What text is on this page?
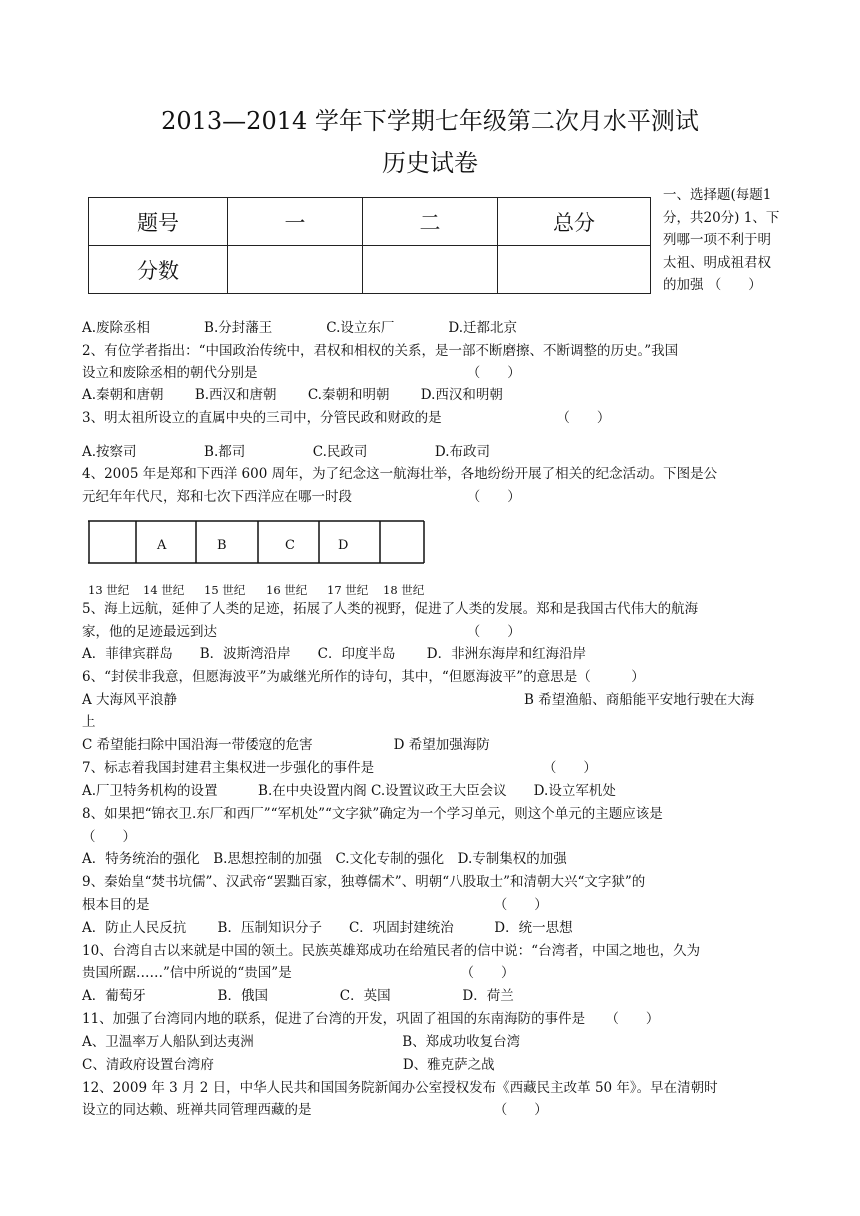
2013—2014 学年下学期七年级第二次月水平测试
历史试卷
题号	一	二	总分
分数			
一、选择题(每题1分，共20分) 1、下列哪一项不利于明太祖、明成祖君权的加强 （　　）
A.废除丞相　　　　B.分封藩王　　　　C.设立东厂　　　　D.迁都北京
2、有位学者指出：“中国政治传统中，君权和相权的关系，是一部不断磨擦、不断调整的历史。”我国
设立和废除丞相的朝代分别是　　　　　　　　　　　　　　　　（　　）
A.秦朝和唐朝　　 B.西汉和唐朝　　 C.秦朝和明朝　　 D.西汉和明朝
3、明太祖所设立的直属中央的三司中，分管民政和财政的是　　　　　　　　　（　　）
A.按察司　　　　　B.都司　　　　　C.民政司　　　　　D.布政司
4、2005 年是郑和下西洋 600 周年，为了纪念这一航海壮举，各地纷纷开展了相关的纪念活动。下图是公
元纪年年代尺，郑和七次下西洋应在哪一时段　　　　　　　　　（　　）
A	B	C	D
13 世纪 14 世纪 15 世纪 16 世纪 17 世纪 18 世纪
5、海上远航，延伸了人类的足迹，拓展了人类的视野，促进了人类的发展。郑和是我国古代伟大的航海
家，他的足迹最远到达　　　　　　　　　　　　　　　　　　　（　　）
A．菲律宾群岛　　B．波斯湾沿岸　　C．印度半岛　　 D．非洲东海岸和红海沿岸
6、“封侯非我意，但愿海波平”为戚继光所作的诗句，其中，“但愿海波平”的意思是（　　　）
A 大海风平浪静	B 希望渔船、商船能平安地行驶在大海
上
C 希望能扫除中国沿海一带倭寇的危害　　　　　　D 希望加强海防
7、标志着我国封建君主集权进一步强化的事件是　　　　　　　　　　　　　（　　）
A.厂卫特务机构的设置　　　B.在中央设置内阁 C.设置议政王大臣会议　　D.设立军机处
8、如果把“锦衣卫.东厂和西厂”“军机处”“文字狱”确定为一个学习单元，则这个单元的主题应该是
（　　）
A．特务统治的强化　B.思想控制的加强　C.文化专制的强化　D.专制集权的加强
9、秦始皇“焚书坑儒”、汉武帝“罢黜百家，独尊儒术”、明朝“八股取士”和清朝大兴“文字狱”的
根本目的是　　　　　　　　　　　　　　　　　　　　　　　　　　（　　）
A．防止人民反抗　　 B．压制知识分子　　C．巩固封建统治　　　D．统一思想
10、台湾自古以来就是中国的领土。民族英雄郑成功在给殖民者的信中说：“台湾者，中国之地也，久为
贵国所踞……”信中所说的“贵国”是　　　　　　　　　　　　　（　　）
A．葡萄牙　　　　　 B．俄国　　　　　 C．英国　　　　　 D．荷兰
11、加强了台湾同内地的联系，促进了台湾的开发，巩固了祖国的东南海防的事件是　　（　　）
A、卫温率万人船队到达夷洲　　　　　　　　　　　B、郑成功收复台湾
C、清政府设置台湾府　　　　　　　　　　　　　　D、雅克萨之战
12、2009 年 3 月 2 日，中华人民共和国国务院新闻办公室授权发布《西藏民主改革 50 年》。早在清朝时
设立的同达赖、班禅共同管理西藏的是　　　　　　　　　　　　　　（　　）
